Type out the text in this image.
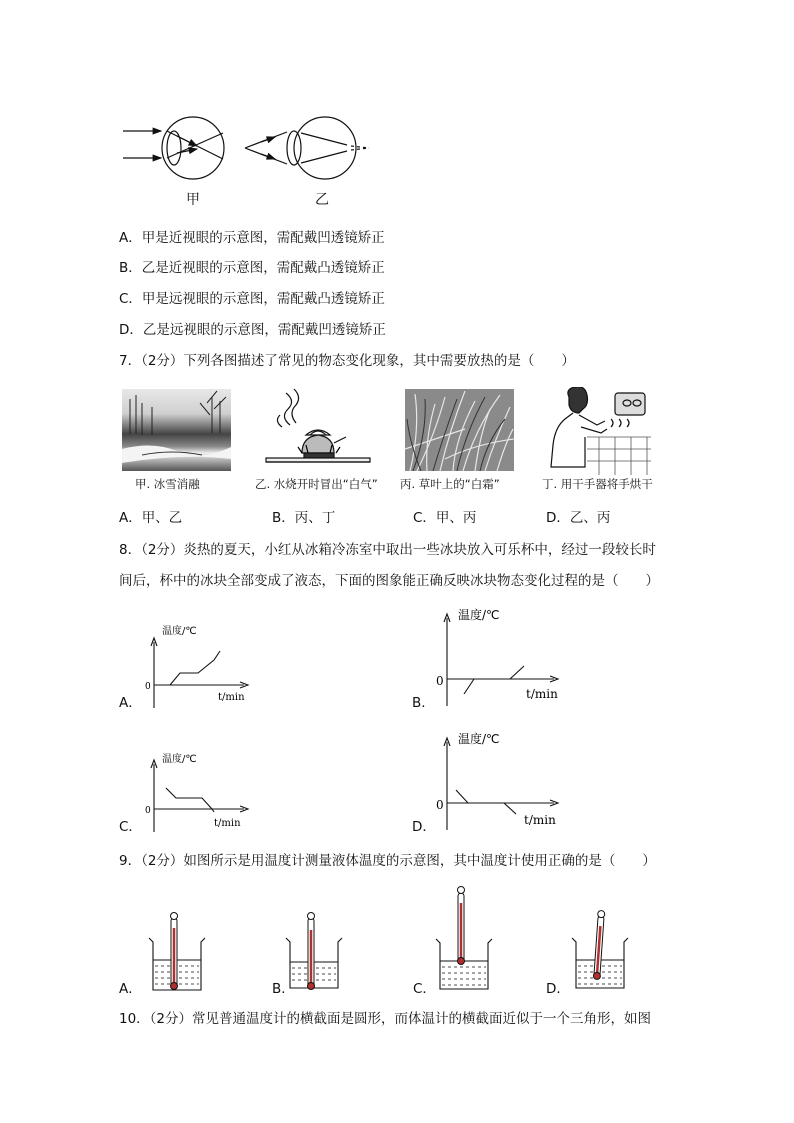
甲	乙
A．甲是近视眼的示意图，需配戴凹透镜矫正
B．乙是近视眼的示意图，需配戴凸透镜矫正
C．甲是远视眼的示意图，需配戴凸透镜矫正
D．乙是远视眼的示意图，需配戴凹透镜矫正
7．（2分）下列各图描述了常见的物态变化现象，其中需要放热的是（　　）
甲. 冰雪消融	乙. 水烧开时冒出“白气” 丙. 草叶上的“白霜”	丁. 用干手器将手烘干
A．甲、乙	B．丙、丁	C．甲、丙	D．乙、丙
8．（2分）炎热的夏天，小红从冰箱冷冻室中取出一些冰块放入可乐杯中，经过一段较长时
间后，杯中的冰块全部变成了液态，下面的图象能正确反映冰块物态变化过程的是（　　）
温度/℃
0
t/min
A．
温度/℃
0
t/min
B．
温度/℃
0
t/min
C．
温度/℃
0
t/min
D．
9．（2分）如图所示是用温度计测量液体温度的示意图，其中温度计使用正确的是（　　）
A．	B．	C．	D．
10．（2分）常见普通温度计的横截面是圆形，而体温计的横截面近似于一个三角形，如图
